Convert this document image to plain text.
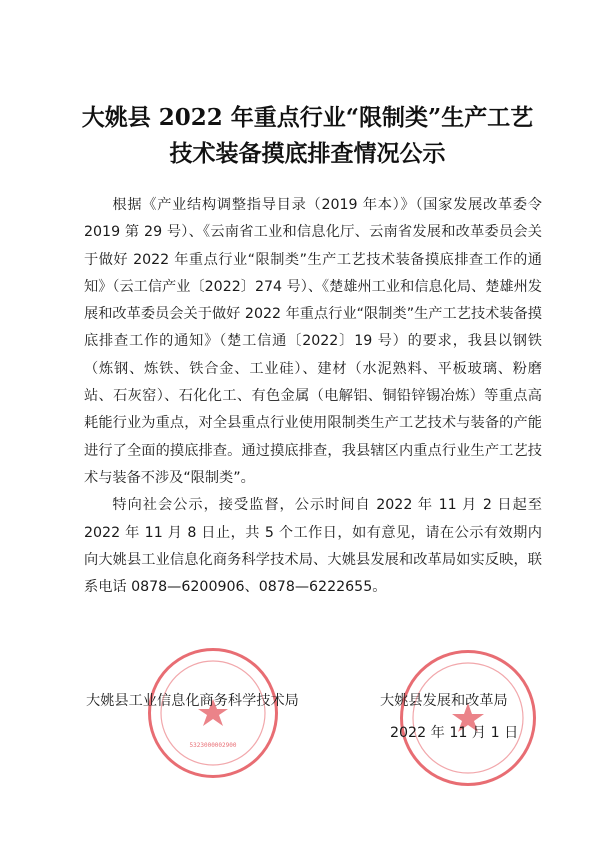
大姚县 2022 年重点行业“限制类”生产工艺
技术装备摸底排查情况公示

根据《产业结构调整指导目录（2019 年本）》（国家发展改革委令 2019 第 29 号）、《云南省工业和信息化厅、云南省发展和改革委员会关于做好 2022 年重点行业“限制类”生产工艺技术装备摸底排查工作的通知》（云工信产业〔2022〕274 号）、《楚雄州工业和信息化局、楚雄州发展和改革委员会关于做好 2022 年重点行业“限制类”生产工艺技术装备摸底排查工作的通知》（楚工信通〔2022〕19 号）的要求，我县以钢铁（炼钢、炼铁、铁合金、工业硅）、建材（水泥熟料、平板玻璃、粉磨站、石灰窑）、石化化工、有色金属（电解铝、铜铅锌锡冶炼）等重点高耗能行业为重点，对全县重点行业使用限制类生产工艺技术与装备的产能进行了全面的摸底排查。通过摸底排查，我县辖区内重点行业生产工艺技术与装备不涉及“限制类”。

特向社会公示，接受监督，公示时间自 2022 年 11 月 2 日起至 2022 年 11 月 8 日止，共 5 个工作日，如有意见，请在公示有效期内向大姚县工业信息化商务科学技术局、大姚县发展和改革局如实反映，联系电话 0878—6200906、0878—6222655。

5323000002900
大姚县工业信息化商务科学技术局	大姚县发展和改革局
2022 年 11 月 1 日
